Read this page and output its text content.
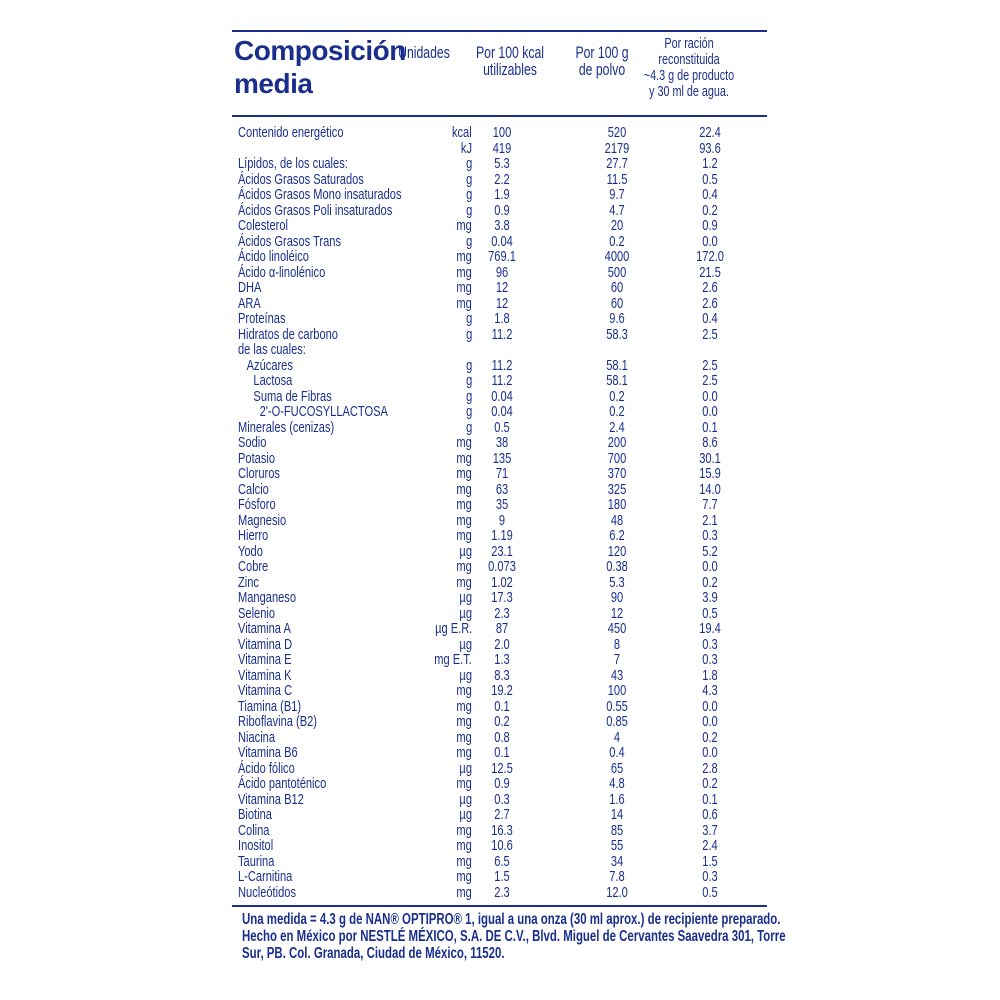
Composición
media
Unidades	Por 100 kcal
utilizables
Por 100 g
de polvo
Por ración
reconstituida
~4.3 g de producto
y 30 ml de agua.
Contenido energético	kcal	100	520	22.4
kJ	419	2179	93.6
Lípidos, de los cuales:	g	5.3	27.7	1.2
Ácidos Grasos Saturados	g	2.2	11.5	0.5
Ácidos Grasos Mono insaturados	g	1.9	9.7	0.4
Ácidos Grasos Poli insaturados	g	0.9	4.7	0.2
Colesterol	mg	3.8	20	0.9
Ácidos Grasos Trans	g	0.04	0.2	0.0
Ácido linoléico	mg	769.1	4000	172.0
Ácido α-linolénico	mg	96	500	21.5
DHA	mg	12	60	2.6
ARA	mg	12	60	2.6
Proteínas	g	1.8	9.6	0.4
Hidratos de carbono	g	11.2	58.3	2.5
de las cuales:
Azúcares	g	11.2	58.1	2.5
Lactosa	g	11.2	58.1	2.5
Suma de Fibras	g	0.04	0.2	0.0
2'-O-FUCOSYLLACTOSA	g	0.04	0.2	0.0
Minerales (cenizas)	g	0.5	2.4	0.1
Sodio	mg	38	200	8.6
Potasio	mg	135	700	30.1
Cloruros	mg	71	370	15.9
Calcio	mg	63	325	14.0
Fósforo	mg	35	180	7.7
Magnesio	mg	9	48	2.1
Hierro	mg	1.19	6.2	0.3
Yodo	µg	23.1	120	5.2
Cobre	mg	0.073	0.38	0.0
Zinc	mg	1.02	5.3	0.2
Manganeso	µg	17.3	90	3.9
Selenio	µg	2.3	12	0.5
Vitamina A	µg E.R.	87	450	19.4
Vitamina D	µg	2.0	8	0.3
Vitamina E	mg E.T.	1.3	7	0.3
Vitamina K	µg	8.3	43	1.8
Vitamina C	mg	19.2	100	4.3
Tiamina (B1)	mg	0.1	0.55	0.0
Riboflavina (B2)	mg	0.2	0.85	0.0
Niacina	mg	0.8	4	0.2
Vitamina B6	mg	0.1	0.4	0.0
Ácido fólico	µg	12.5	65	2.8
Ácido pantoténico	mg	0.9	4.8	0.2
Vitamina B12	µg	0.3	1.6	0.1
Biotina	µg	2.7	14	0.6
Colina	mg	16.3	85	3.7
Inositol	mg	10.6	55	2.4
Taurina	mg	6.5	34	1.5
L-Carnitina	mg	1.5	7.8	0.3
Nucleótidos	mg	2.3	12.0	0.5
Una medida = 4.3 g de NAN® OPTIPRO® 1, igual a una onza (30 ml aprox.) de recipiente preparado.
Hecho en México por NESTLÉ MÉXICO, S.A. DE C.V., Blvd. Miguel de Cervantes Saavedra 301, Torre
Sur, PB. Col. Granada, Ciudad de México, 11520.
